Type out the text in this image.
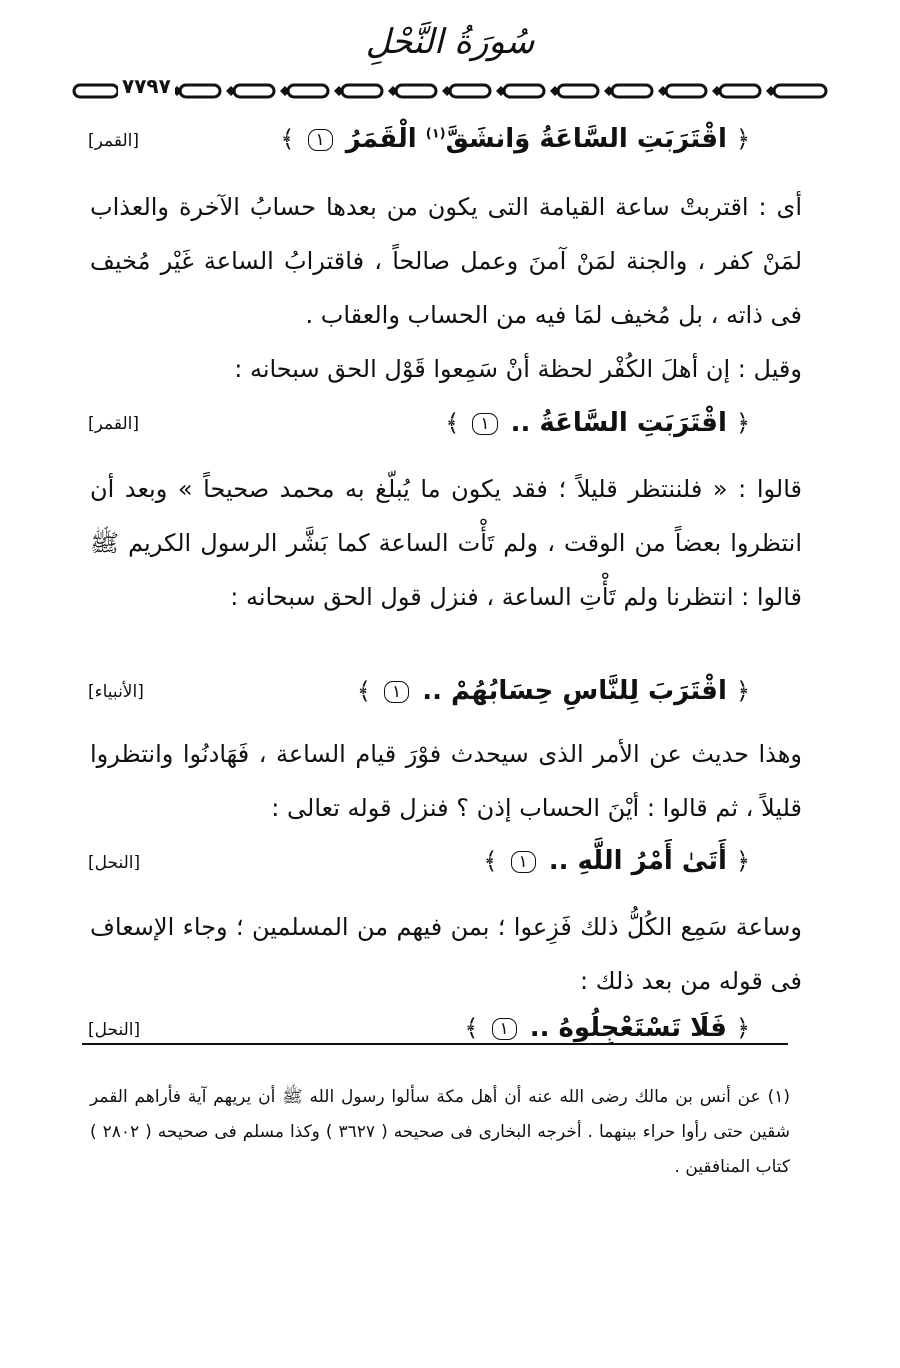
سُورَةُ النَّحْلِ
٧٧٩٧
﴿ اقْتَرَبَتِ السَّاعَةُ وَانشَقَّ$^{(١)}$ الْقَمَرُ ١ ﴾
[القمر]
أى : اقتربتْ ساعة القيامة التى يكون من بعدها حسابُ الآخرة والعذاب لمَنْ كفر ، والجنة لمَنْ آمنَ وعمل صالحاً ، فاقترابُ الساعة غَيْر مُخيف فى ذاته ، بل مُخيف لمَا فيه من الحساب والعقاب .
وقيل : إن أهلَ الكُفْر لحظة أنْ سَمِعوا قَوْل الحق سبحانه :
﴿ اقْتَرَبَتِ السَّاعَةُ .. ١ ﴾
[القمر]
قالوا : « فلننتظر قليلاً ؛ فقد يكون ما يُبلّغ به محمد صحيحاً » وبعد أن انتظروا بعضاً من الوقت ، ولم تَأْت الساعة كما بَشَّر الرسول الكريم ﷺ قالوا : انتظرنا ولم تَأْتِ الساعة ، فنزل قول الحق سبحانه :
﴿ اقْتَرَبَ لِلنَّاسِ حِسَابُهُمْ .. ١ ﴾
[الأنبياء]
وهذا حديث عن الأمر الذى سيحدث فوْرَ قيام الساعة ، فَهَادنُوا وانتظروا قليلاً ، ثم قالوا : أيْنَ الحساب إذن ؟ فنزل قوله تعالى :
﴿ أَتَىٰ أَمْرُ اللَّهِ .. ١ ﴾
[النحل]
وساعة سَمِع الكُلُّ ذلك فَزِعوا ؛ بمن فيهم من المسلمين ؛ وجاء الإسعاف فى قوله من بعد ذلك :
﴿ فَلَا تَسْتَعْجِلُوهُ .. ١ ﴾
[النحل]
(١) عن أنس بن مالك رضى الله عنه أن أهل مكة سألوا رسول الله ﷺ أن يريهم آية فأراهم القمر شقين حتى رأوا حراء بينهما . أخرجه البخارى فى صحيحه ( ٣٦٢٧ ) وكذا مسلم فى صحيحه ( ٢٨٠٢ ) كتاب المنافقين .
